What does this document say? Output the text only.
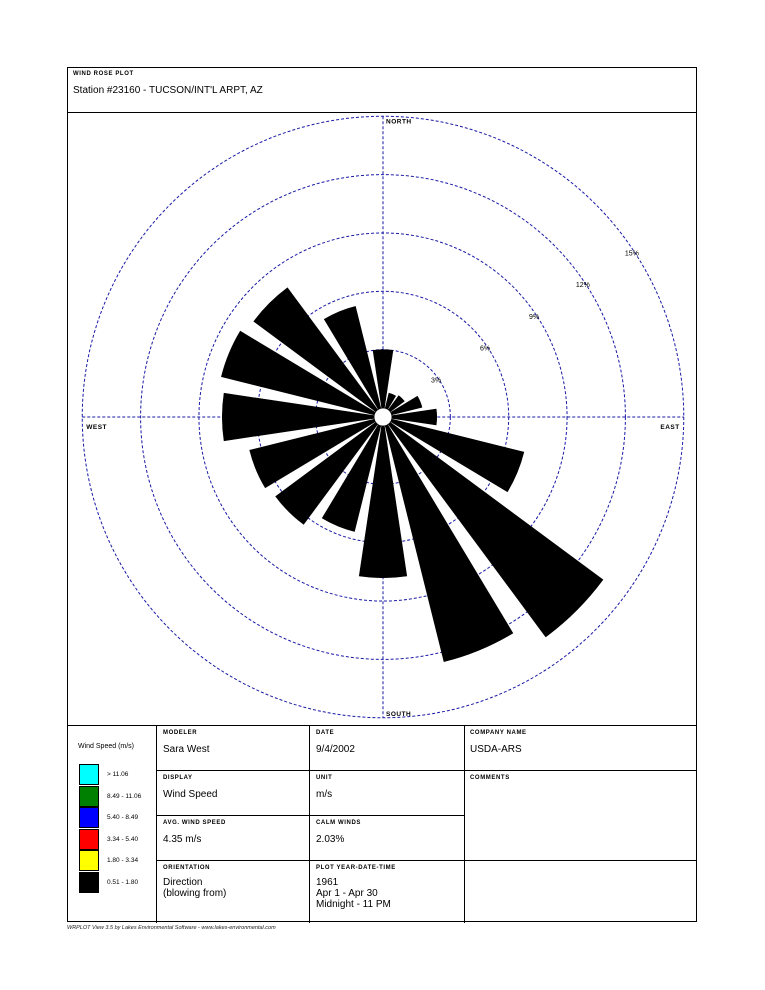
WIND ROSE PLOT
Station #23160 - TUCSON/INT'L ARPT, AZ
NORTH
SOUTH
EAST
WEST
3%
6%
9%
12%
15%
Wind Speed (m/s)
> 11.06
8.49 - 11.06
5.40 - 8.49
3.34 - 5.40
1.80 - 3.34
0.51 - 1.80
MODELER
Sara West
DATE
9/4/2002
COMPANY NAME
USDA-ARS
DISPLAY
Wind Speed
UNIT
m/s
COMMENTS
AVG. WIND SPEED
4.35 m/s
CALM WINDS
2.03%
ORIENTATION
Direction
(blowing from)
PLOT YEAR-DATE-TIME
1961
Apr 1 - Apr 30
Midnight - 11 PM
WRPLOT View 3.5 by Lakes Environmental Software - www.lakes-environmental.com
